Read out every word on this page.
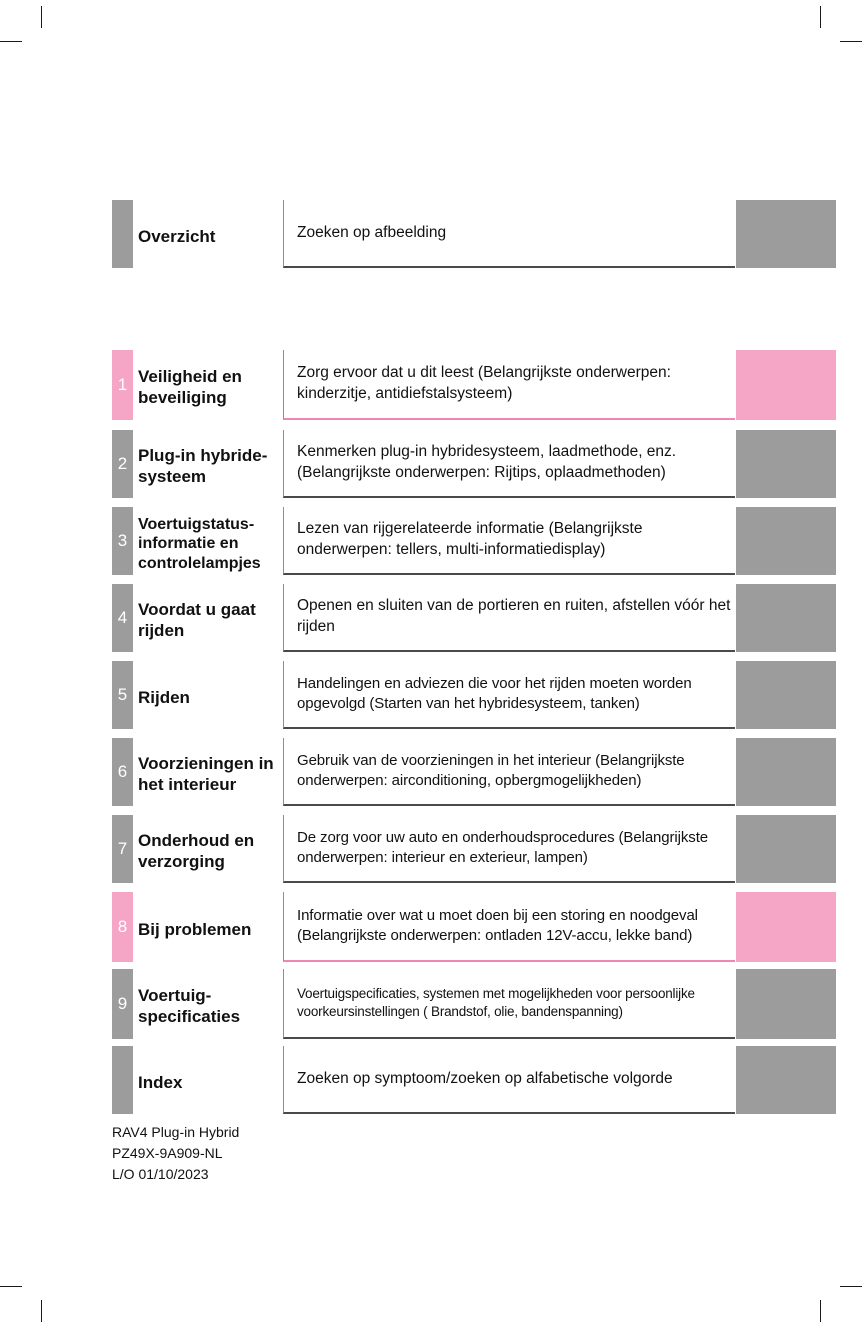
Overzicht	Zoeken op afbeelding
1 Veiligheid en beveiliging
Zorg ervoor dat u dit leest (Belangrijkste onderwerpen: kinderzitje, antidiefstalsysteem)
2 Plug-in hybride-systeem
Kenmerken plug-in hybridesysteem, laadmethode, enz. (Belangrijkste onderwerpen: Rijtips, oplaadmethoden)
3
Voertuigstatus-informatie en controlelampjes
Lezen van rijgerelateerde informatie (Belangrijkste onderwerpen: tellers, multi-informatiedisplay)
4 Voordat u gaat rijden
Openen en sluiten van de portieren en ruiten, afstellen vóór het rijden
5 Rijden
Handelingen en adviezen die voor het rijden moeten worden opgevolgd (Starten van het hybridesysteem, tanken)
6 Voorzieningen in het interieur
Gebruik van de voorzieningen in het interieur (Belangrijkste onderwerpen: airconditioning, opbergmogelijkheden)
7 Onderhoud en verzorging
De zorg voor uw auto en onderhoudsprocedures (Belangrijkste onderwerpen: interieur en exterieur, lampen)
8 Bij problemen
Informatie over wat u moet doen bij een storing en noodgeval (Belangrijkste onderwerpen: ontladen 12V-accu, lekke band)
9 Voertuig-specificaties
Voertuigspecificaties, systemen met mogelijkheden voor persoonlijke voorkeursinstellingen ( Brandstof, olie, bandenspanning)
Index	Zoeken op symptoom/zoeken op alfabetische volgorde
RAV4 Plug-in Hybrid
PZ49X-9A909-NL
L/O 01/10/2023
